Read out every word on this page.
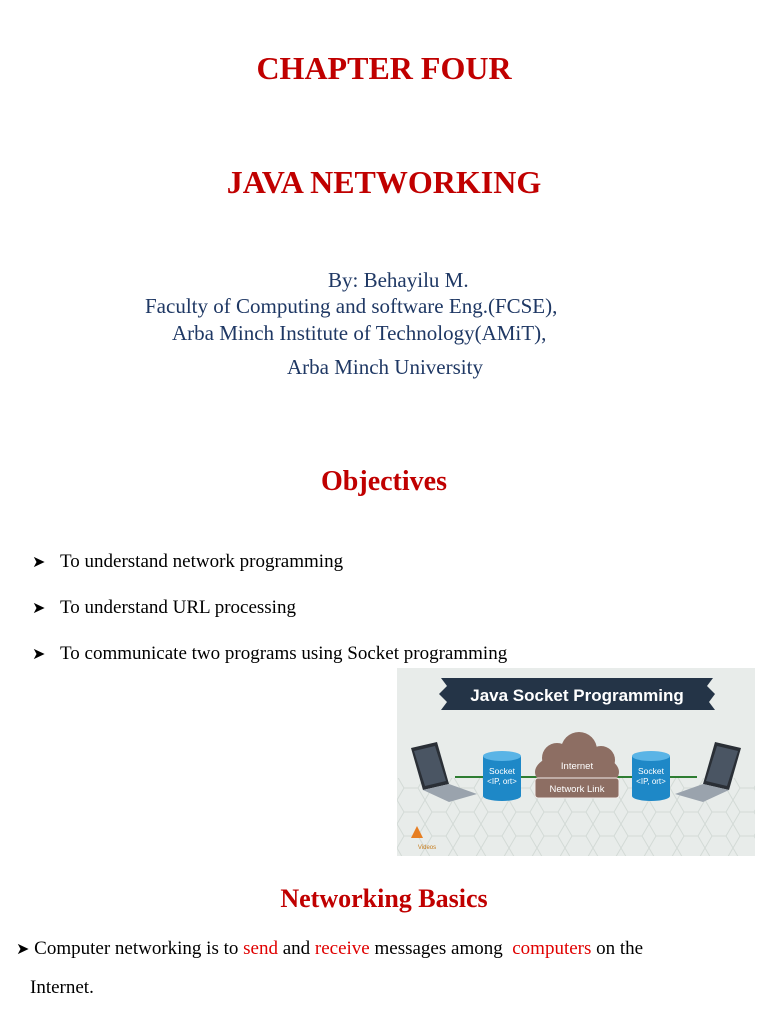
CHAPTER FOUR
JAVA NETWORKING
By: Behayilu M.
Faculty of Computing and software Eng.(FCSE),
Arba Minch Institute of Technology(AMiT),
Arba Minch University
Objectives
➤ To understand network programming
➤ To understand URL processing
➤ To communicate two programs using Socket programming
Java Socket Programming
Socket
<IP, ort>
Socket
<IP, ort>
Internet
Network Link
Videos
Networking Basics
➤ Computer networking is to send and receive messages among  computers on the
Internet.
